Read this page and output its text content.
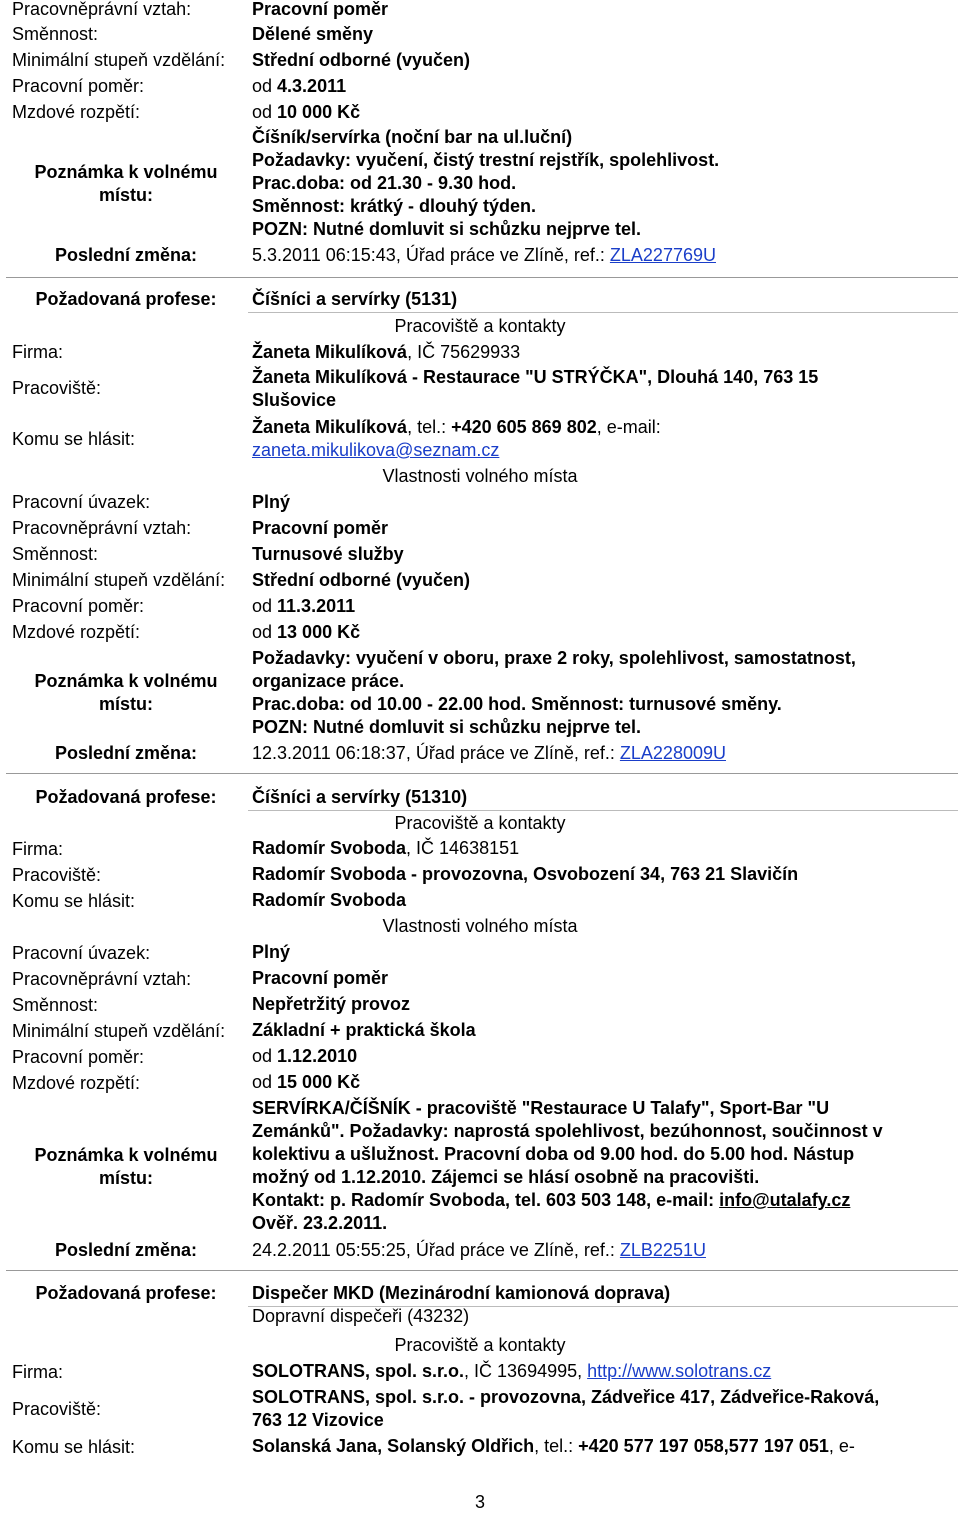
Pracovněprávní vztah:	Pracovní poměr
Směnnost:	Dělené směny
Minimální stupeň vzdělání: Střední odborné (vyučen)
Pracovní poměr:	od 4.3.2011
Mzdové rozpětí:	od 10 000 Kč
Poznámka k volnému
místu:
Číšník/servírka (noční bar na ul.luční)
Požadavky: vyučení, čistý trestní rejstřík, spolehlivost.
Prac.doba: od 21.30 - 9.30 hod.
Směnnost: krátký - dlouhý týden.
POZN: Nutné domluvit si schůzku nejprve tel.
Poslední změna:	5.3.2011 06:15:43, Úřad práce ve Zlíně, ref.: ZLA227769U
Požadovaná profese:	Číšníci a servírky (5131)
Pracoviště a kontakty
Firma:	Žaneta Mikulíková, IČ 75629933
Pracoviště:
Žaneta Mikulíková - Restaurace "U STRÝČKA", Dlouhá 140, 763 15
Slušovice
Komu se hlásit:
Žaneta Mikulíková, tel.: +420 605 869 802, e-mail:
zaneta.mikulikova@seznam.cz
Vlastnosti volného místa
Pracovní úvazek:	Plný
Pracovněprávní vztah:	Pracovní poměr
Směnnost:	Turnusové služby
Minimální stupeň vzdělání: Střední odborné (vyučen)
Pracovní poměr:	od 11.3.2011
Mzdové rozpětí:	od 13 000 Kč
Poznámka k volnému
místu:
Požadavky: vyučení v oboru, praxe 2 roky, spolehlivost, samostatnost,
organizace práce.
Prac.doba: od 10.00 - 22.00 hod. Směnnost: turnusové směny.
POZN: Nutné domluvit si schůzku nejprve tel.
Poslední změna:	12.3.2011 06:18:37, Úřad práce ve Zlíně, ref.: ZLA228009U
Požadovaná profese:	Číšníci a servírky (51310)
Pracoviště a kontakty
Firma:	Radomír Svoboda, IČ 14638151
Pracoviště:	Radomír Svoboda - provozovna, Osvobození 34, 763 21 Slavičín
Komu se hlásit:	Radomír Svoboda
Vlastnosti volného místa
Pracovní úvazek:	Plný
Pracovněprávní vztah:	Pracovní poměr
Směnnost:	Nepřetržitý provoz
Minimální stupeň vzdělání: Základní + praktická škola
Pracovní poměr:	od 1.12.2010
Mzdové rozpětí:	od 15 000 Kč
Poznámka k volnému
místu:
SERVÍRKA/ČÍŠNÍK - pracoviště "Restaurace U Talafy", Sport-Bar "U
Zemánků". Požadavky: naprostá spolehlivost, bezúhonnost, součinnost v
kolektivu a ušlužnost. Pracovní doba od 9.00 hod. do 5.00 hod. Nástup
možný od 1.12.2010. Zájemci se hlásí osobně na pracovišti.
Kontakt: p. Radomír Svoboda, tel. 603 503 148, e-mail: info@utalafy.cz
Ověř. 23.2.2011.
Poslední změna:	24.2.2011 05:55:25, Úřad práce ve Zlíně, ref.: ZLB2251U
Požadovaná profese:	Dispečer MKD (Mezinárodní kamionová doprava)
Dopravní dispečeři (43232)
Pracoviště a kontakty
Firma:	SOLOTRANS, spol. s.r.o., IČ 13694995, http://www.solotrans.cz
Pracoviště:
SOLOTRANS, spol. s.r.o. - provozovna, Zádveřice 417, Zádveřice-Raková,
763 12 Vizovice
Komu se hlásit:	Solanská Jana, Solanský Oldřich, tel.: +420 577 197 058,577 197 051, e-
3
